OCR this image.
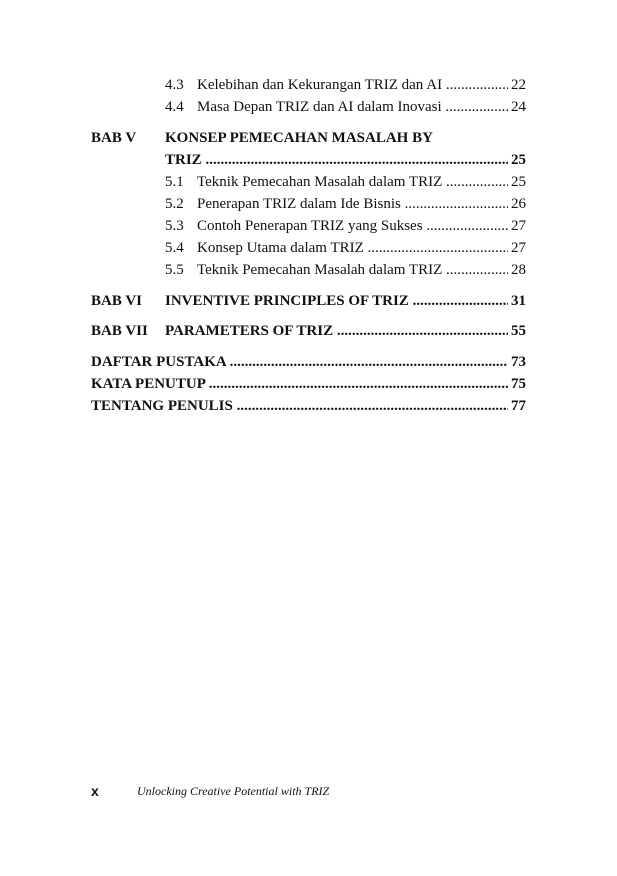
4.3 Kelebihan dan Kekurangan TRIZ dan AI .....	22
4.4 Masa Depan TRIZ dan AI dalam Inovasi .....	24
BAB V KONSEP PEMECAHAN MASALAH BY
TRIZ .....	25
5.1 Teknik Pemecahan Masalah dalam TRIZ .....	25
5.2 Penerapan TRIZ dalam Ide Bisnis .....	26
5.3 Contoh Penerapan TRIZ yang Sukses .....	27
5.4 Konsep Utama dalam TRIZ .....	27
5.5 Teknik Pemecahan Masalah dalam TRIZ .....	28
BAB VI INVENTIVE PRINCIPLES OF TRIZ .....	31
BAB VII PARAMETERS OF TRIZ .....	55
DAFTAR PUSTAKA .....	73
KATA PENUTUP .....	75
TENTANG PENULIS .....	77
x	Unlocking Creative Potential with TRIZ
